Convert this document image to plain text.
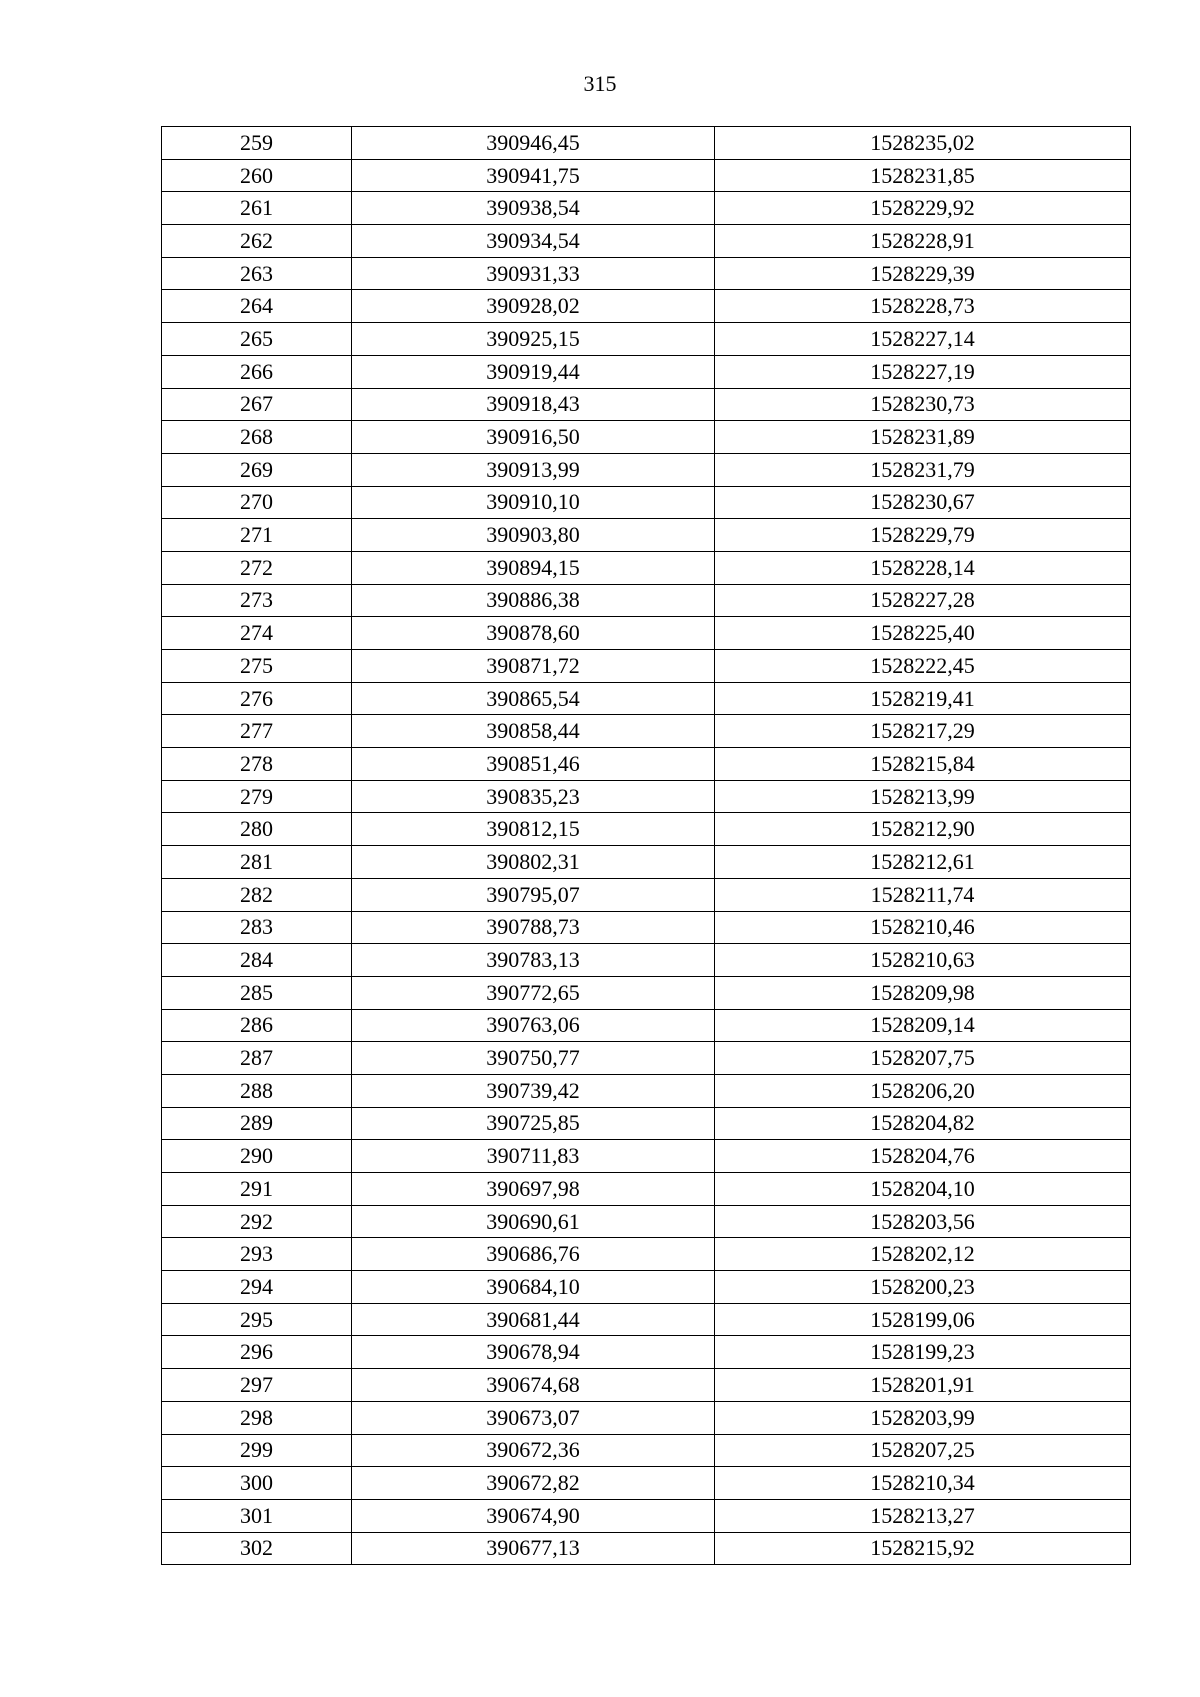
315
259	390946,45	1528235,02
260	390941,75	1528231,85
261	390938,54	1528229,92
262	390934,54	1528228,91
263	390931,33	1528229,39
264	390928,02	1528228,73
265	390925,15	1528227,14
266	390919,44	1528227,19
267	390918,43	1528230,73
268	390916,50	1528231,89
269	390913,99	1528231,79
270	390910,10	1528230,67
271	390903,80	1528229,79
272	390894,15	1528228,14
273	390886,38	1528227,28
274	390878,60	1528225,40
275	390871,72	1528222,45
276	390865,54	1528219,41
277	390858,44	1528217,29
278	390851,46	1528215,84
279	390835,23	1528213,99
280	390812,15	1528212,90
281	390802,31	1528212,61
282	390795,07	1528211,74
283	390788,73	1528210,46
284	390783,13	1528210,63
285	390772,65	1528209,98
286	390763,06	1528209,14
287	390750,77	1528207,75
288	390739,42	1528206,20
289	390725,85	1528204,82
290	390711,83	1528204,76
291	390697,98	1528204,10
292	390690,61	1528203,56
293	390686,76	1528202,12
294	390684,10	1528200,23
295	390681,44	1528199,06
296	390678,94	1528199,23
297	390674,68	1528201,91
298	390673,07	1528203,99
299	390672,36	1528207,25
300	390672,82	1528210,34
301	390674,90	1528213,27
302	390677,13	1528215,92
